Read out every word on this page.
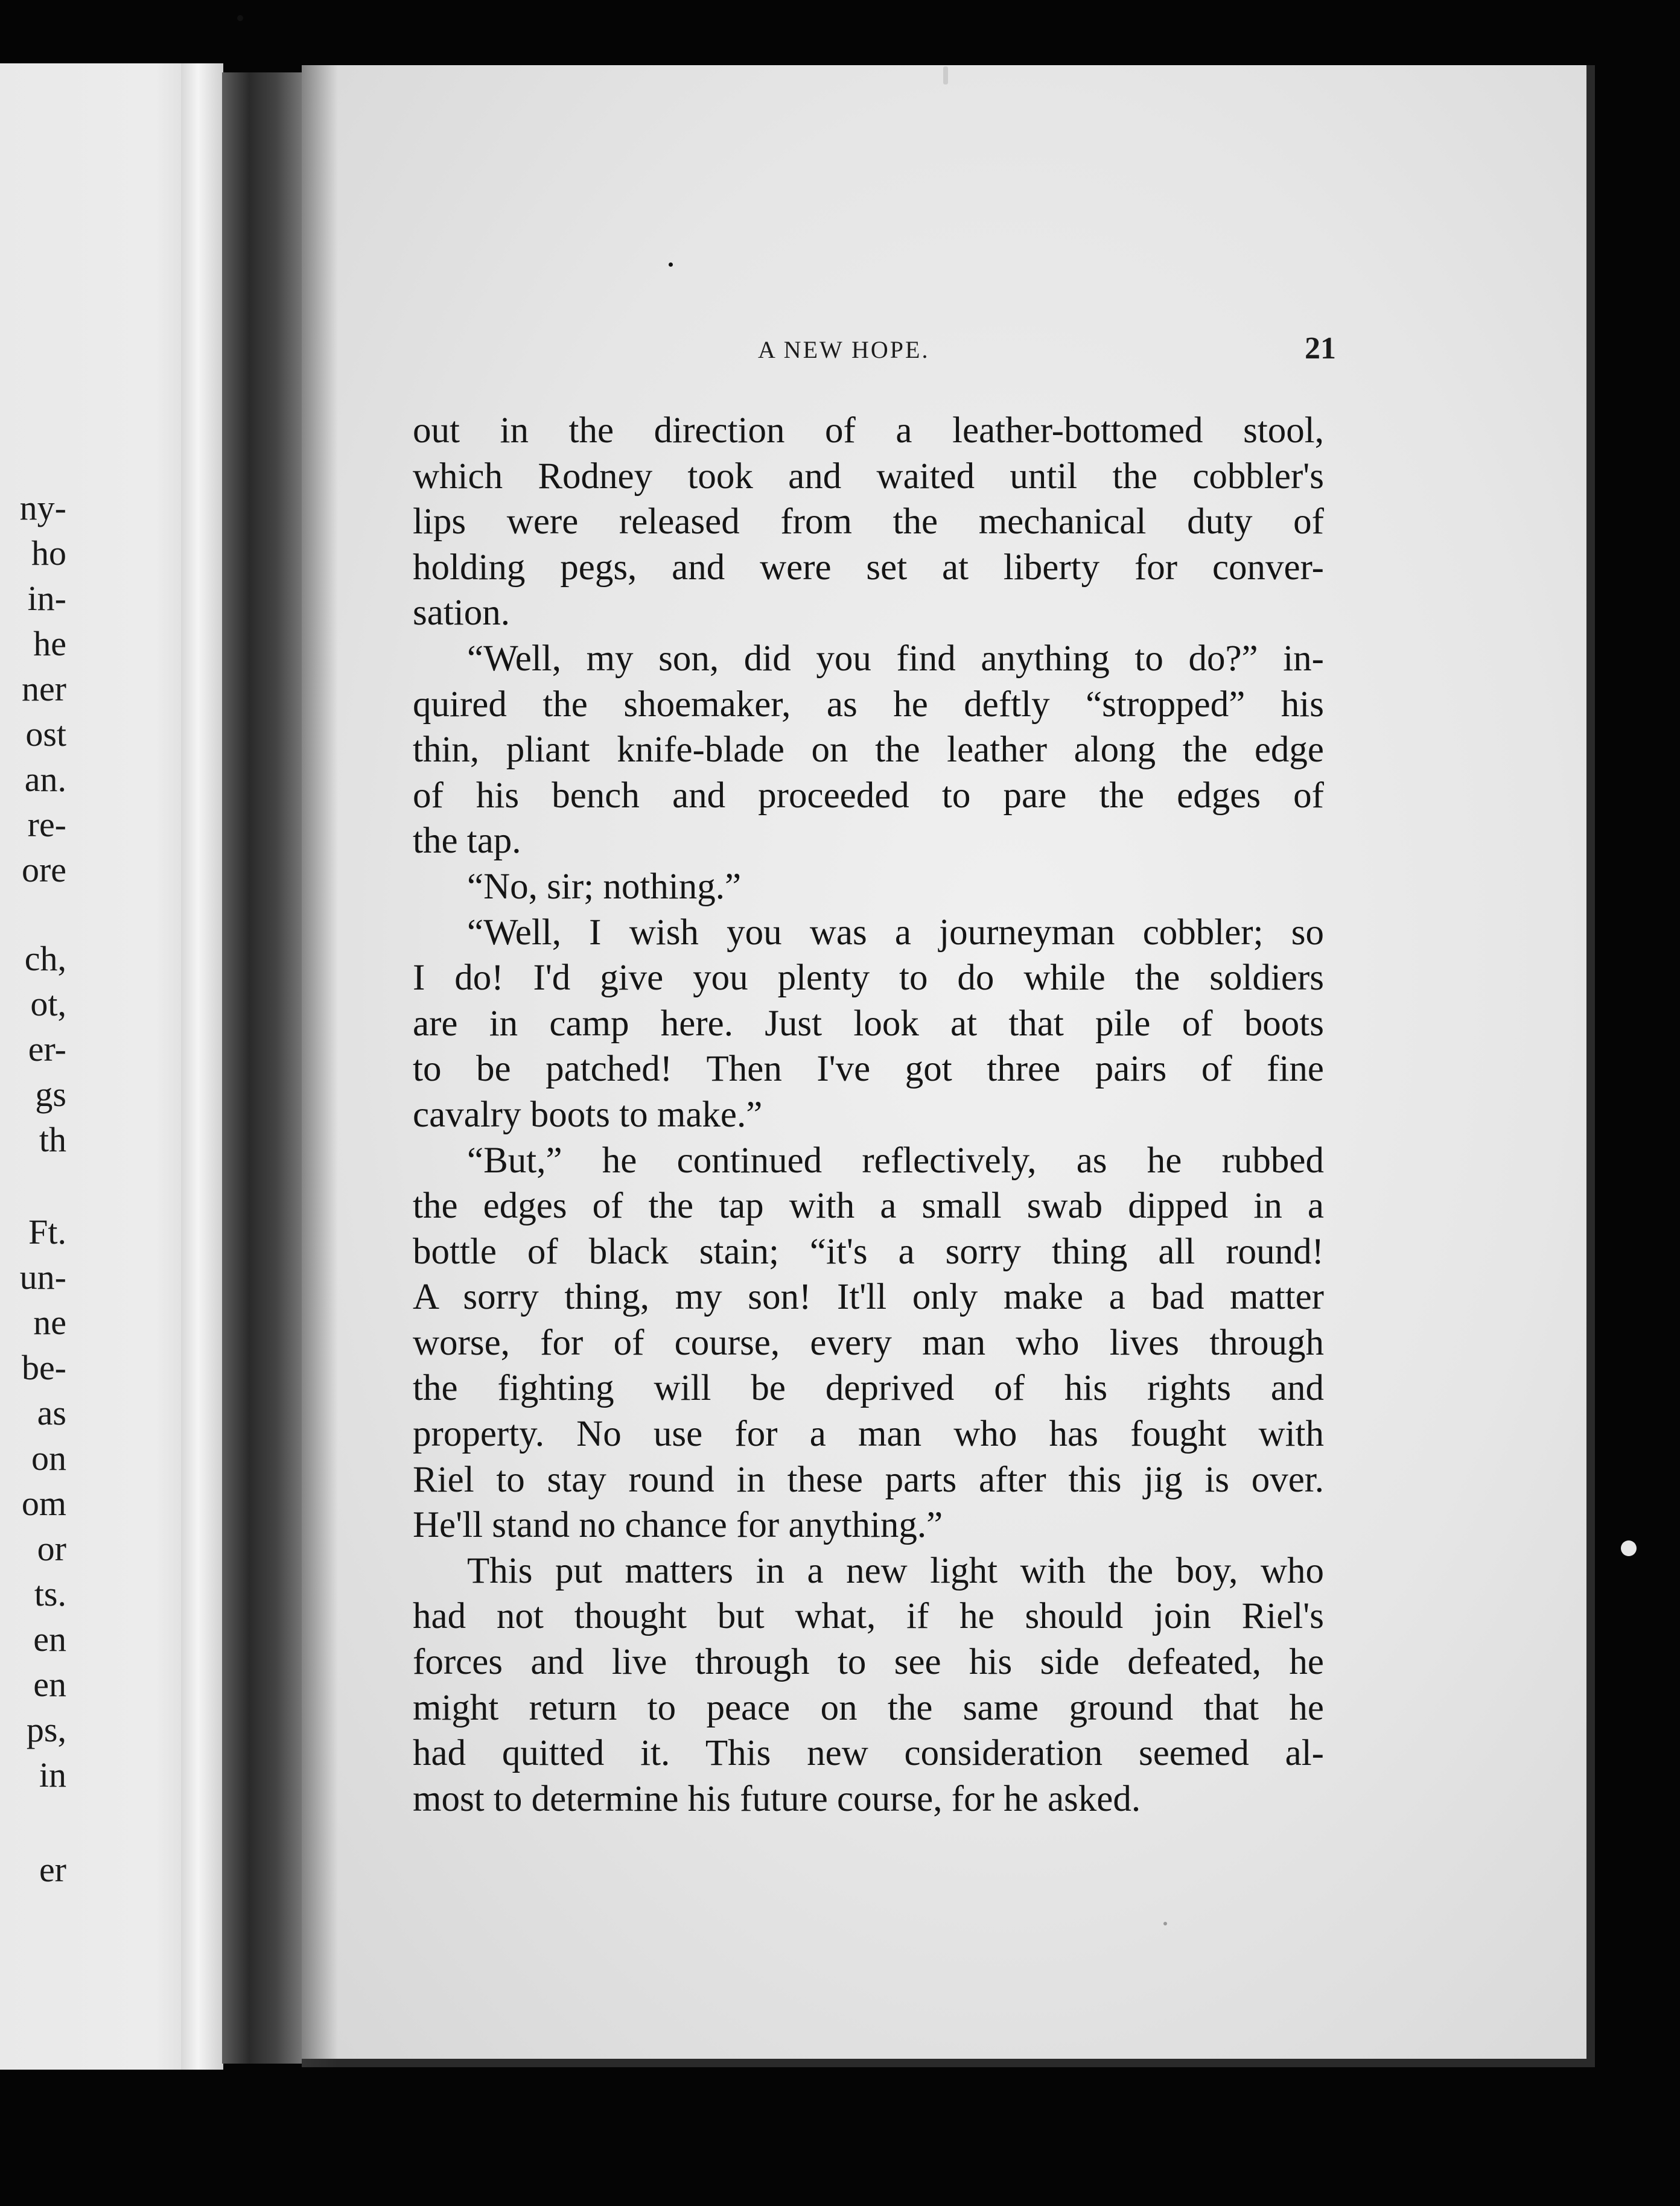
ny-
ho
in-
he
ner
ost
an.
re-
ore
ch,
ot,
er-
gs
th
Ft.
un-
ne
be-
as
on
om
or
ts.
en
en
ps,
in
er
A NEW HOPE.	21
out in the direction of a leather-bottomed stool,
which Rodney took and waited until the cobbler's
lips were released from the mechanical duty of
holding pegs, and were set at liberty for conver-
sation.
“Well, my son, did you find anything to do?” in-
quired the shoemaker, as he deftly “stropped” his
thin, pliant knife-blade on the leather along the edge
of his bench and proceeded to pare the edges of
the tap.
“No, sir; nothing.”
“Well, I wish you was a journeyman cobbler; so
I do! I'd give you plenty to do while the soldiers
are in camp here. Just look at that pile of boots
to be patched! Then I've got three pairs of fine
cavalry boots to make.”
“But,” he continued reflectively, as he rubbed
the edges of the tap with a small swab dipped in a
bottle of black stain; “it's a sorry thing all round!
A sorry thing, my son! It'll only make a bad matter
worse, for of course, every man who lives through
the fighting will be deprived of his rights and
property. No use for a man who has fought with
Riel to stay round in these parts after this jig is over.
He'll stand no chance for anything.”
This put matters in a new light with the boy, who
had not thought but what, if he should join Riel's
forces and live through to see his side defeated, he
might return to peace on the same ground that he
had quitted it. This new consideration seemed al-
most to determine his future course, for he asked.
